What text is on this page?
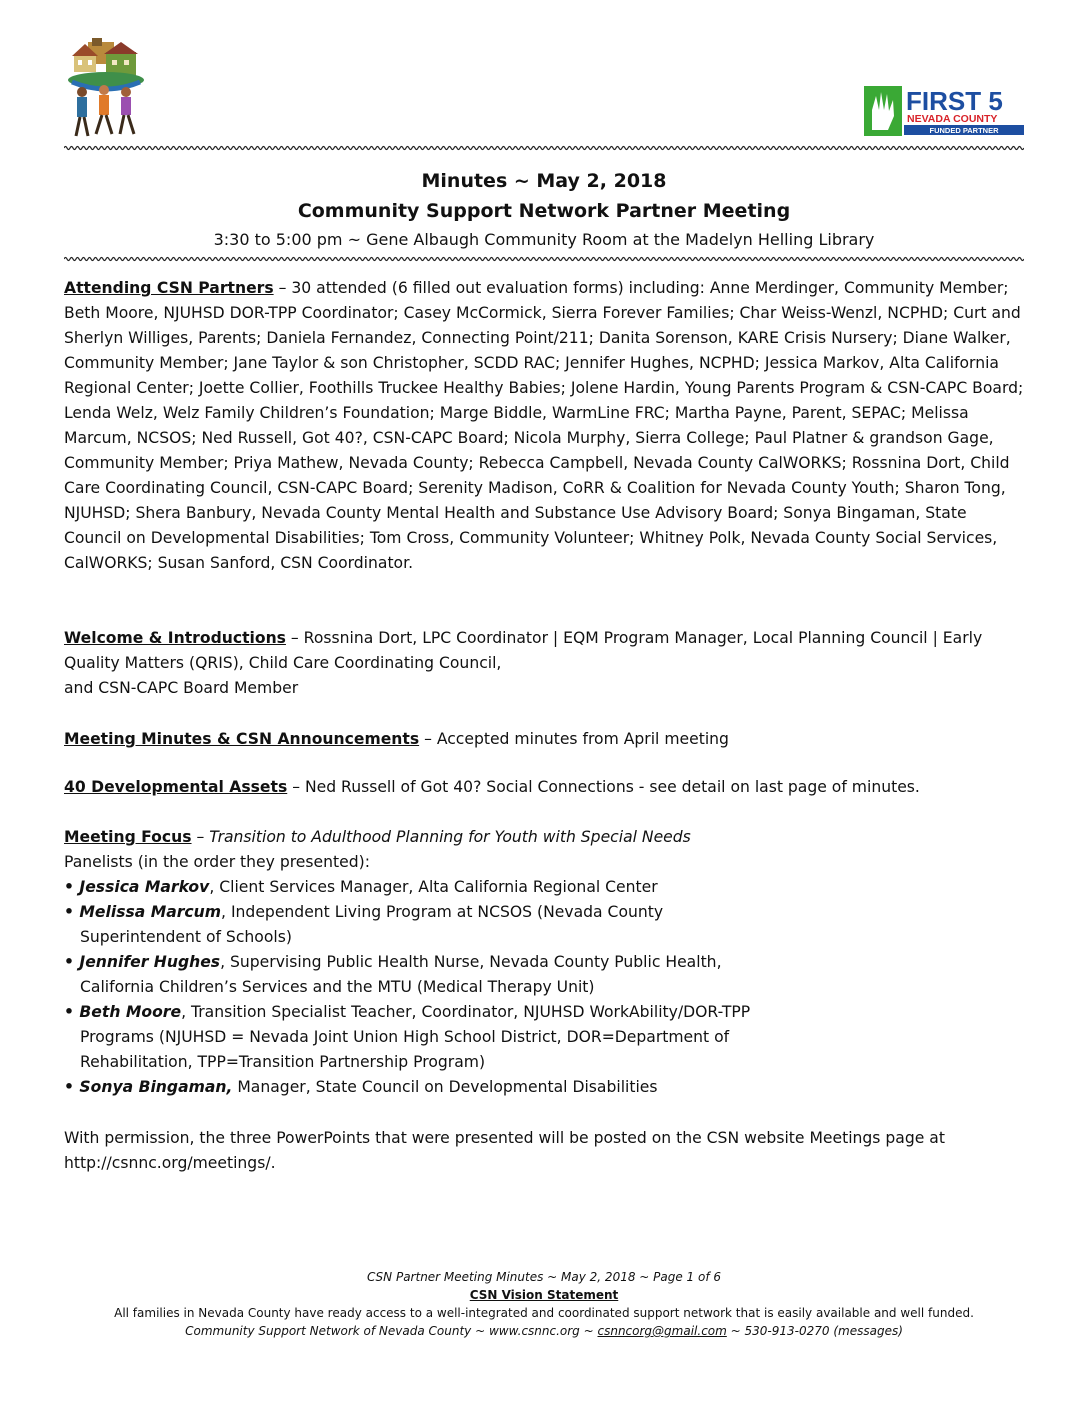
FIRST 5
NEVADA COUNTY
FUNDED PARTNER
Minutes ~ May 2, 2018
Community Support Network Partner Meeting
3:30 to 5:00 pm ~ Gene Albaugh Community Room at the Madelyn Helling Library
Attending CSN Partners – 30 attended (6 filled out evaluation forms) including: Anne Merdinger, Community Member; Beth Moore, NJUHSD DOR-TPP Coordinator; Casey McCormick, Sierra Forever Families; Char Weiss-Wenzl, NCPHD; Curt and Sherlyn Williges, Parents; Daniela Fernandez, Connecting Point/211; Danita Sorenson, KARE Crisis Nursery; Diane Walker, Community Member; Jane Taylor & son Christopher, SCDD RAC; Jennifer Hughes, NCPHD; Jessica Markov, Alta California Regional Center; Joette Collier, Foothills Truckee Healthy Babies; Jolene Hardin, Young Parents Program & CSN-CAPC Board; Lenda Welz, Welz Family Children’s Foundation; Marge Biddle, WarmLine FRC; Martha Payne, Parent, SEPAC; Melissa Marcum, NCSOS; Ned Russell, Got 40?, CSN-CAPC Board; Nicola Murphy, Sierra College; Paul Platner & grandson Gage, Community Member; Priya Mathew, Nevada County; Rebecca Campbell, Nevada County CalWORKS; Rossnina Dort, Child Care Coordinating Council, CSN-CAPC Board; Serenity Madison, CoRR & Coalition for Nevada County Youth; Sharon Tong, NJUHSD; Shera Banbury, Nevada County Mental Health and Substance Use Advisory Board; Sonya Bingaman, State Council on Developmental Disabilities; Tom Cross, Community Volunteer; Whitney Polk, Nevada County Social Services, CalWORKS; Susan Sanford, CSN Coordinator.
Welcome & Introductions – Rossnina Dort, LPC Coordinator | EQM Program Manager, Local Planning Council | Early Quality Matters (QRIS), Child Care Coordinating Council,
and CSN-CAPC Board Member
Meeting Minutes & CSN Announcements – Accepted minutes from April meeting
40 Developmental Assets – Ned Russell of Got 40? Social Connections - see detail on last page of minutes.
Meeting Focus – Transition to Adulthood Planning for Youth with Special Needs
Panelists (in the order they presented):
• Jessica Markov, Client Services Manager, Alta California Regional Center
• Melissa Marcum, Independent Living Program at NCSOS (Nevada County
Superintendent of Schools)
• Jennifer Hughes, Supervising Public Health Nurse, Nevada County Public Health,
California Children’s Services and the MTU (Medical Therapy Unit)
• Beth Moore, Transition Specialist Teacher, Coordinator, NJUHSD WorkAbility/DOR-TPP
Programs (NJUHSD = Nevada Joint Union High School District, DOR=Department of
Rehabilitation, TPP=Transition Partnership Program)
• Sonya Bingaman, Manager, State Council on Developmental Disabilities
With permission, the three PowerPoints that were presented will be posted on the CSN website Meetings page at http://csnnc.org/meetings/.
CSN Partner Meeting Minutes ~ May 2, 2018 ~ Page 1 of 6
CSN Vision Statement
All families in Nevada County have ready access to a well-integrated and coordinated support network that is easily available and well funded.
Community Support Network of Nevada County ~ www.csnnc.org ~ csnncorg@gmail.com ~ 530-913-0270 (messages)
